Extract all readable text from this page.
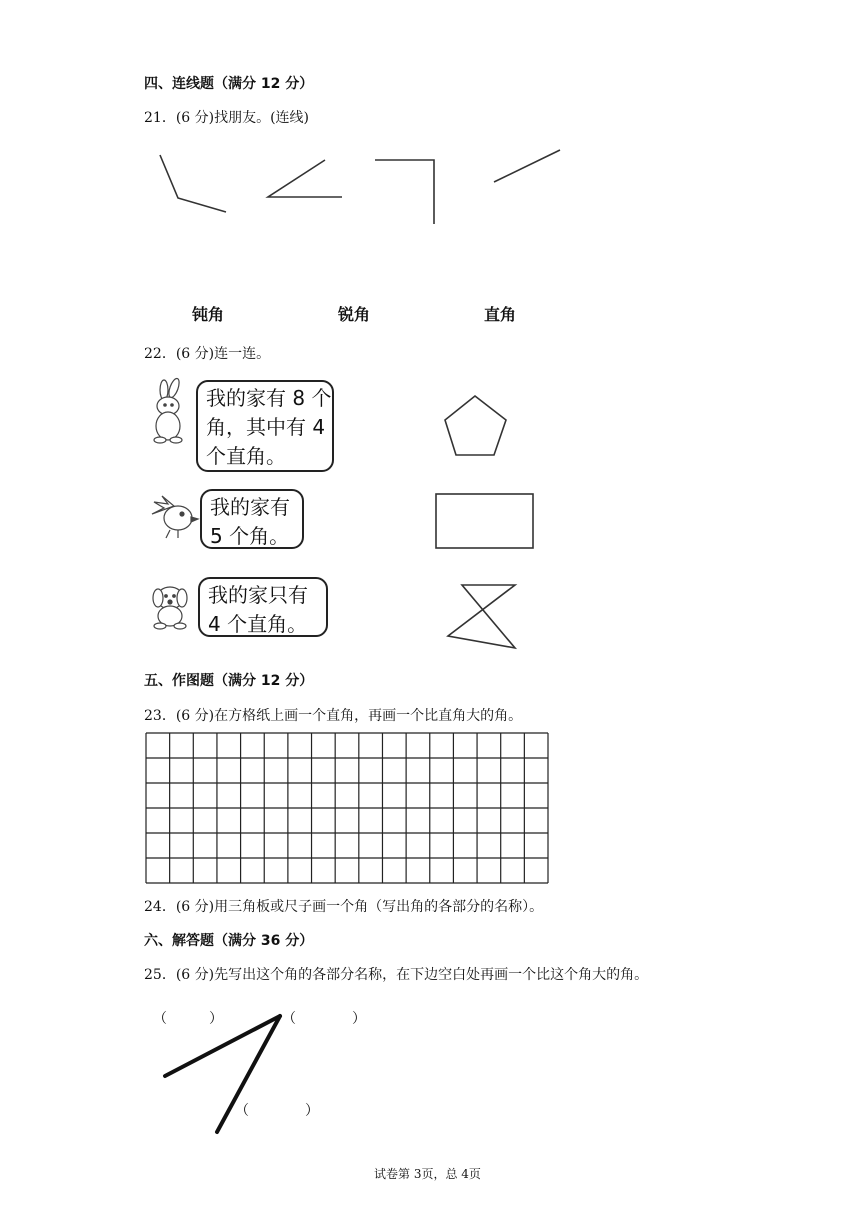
四、连线题（满分 12 分）
21．(6 分)找朋友。(连线)
钝角	锐角	直角
22．(6 分)连一连。
我的家有 8 个
角，其中有 4
个直角。
我的家有
5 个角。
我的家只有
4 个直角。
五、作图题（满分 12 分）
23．(6 分)在方格纸上画一个直角，再画一个比直角大的角。
24．(6 分)用三角板或尺子画一个角（写出角的各部分的名称）。
六、解答题（满分 36 分）
25．(6 分)先写出这个角的各部分名称，在下边空白处再画一个比这个角大的角。
（　　　）	（　　　　）
（　　　　）
试卷第 3页，总 4页
